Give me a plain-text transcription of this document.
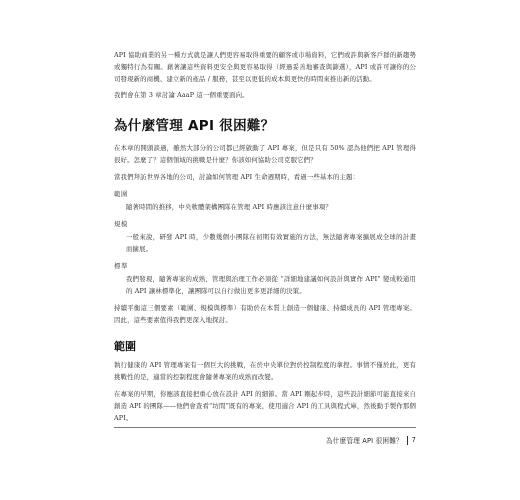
API 協助商業的另一種方式就是讓人們更容易取得重要的顧客或市場資料，它們或許與新客戶群的新趨勢或獨特行為有關。藉著讓這些資料更安全與更容易取得（經過妥善地審查與篩選），API 或許可讓你的公司發現新的商機、建立新的產品 / 服務，甚至以更低的成本與更快的時間來推出新的活動。

我們會在第 3 章討論 AaaP 這一個重要面向。

為什麼管理 API 很困難？

在本章的開頭談過，雖然大部分的公司都已經啟動了 API 專案，但是只有 50% 認為他們把 API 管理得很好。怎麼了？這個領域的挑戰是什麼？你該如何協助公司克服它們？

當我們拜訪世界各地的公司，討論如何管理 API 生命週期時，看過一些基本的主題：

範圍

隨著時間的推移，中央軟體架構團隊在管理 API 時應該注意什麼事項？

規模

一般來說，研發 API 時，少數幾個小團隊在初期有效實施的方法，無法隨著專案擴展成全球的計畫而擴展。

標準

我們發現，隨著專案的成熟，管理與治理工作必須從 “詳細地建議如何設計與實作 API” 變成較通用的 API 讓林標準化，讓團隊可以自行做出更多更詳細的決策。

持續平衡這三個要素（範圍、規模與標準）有助於在本質上創造一個健康、持續成長的 API 管理專案。因此，這些要素值得我們更深入地探討。

範圍

執行健康的 API 管理專案有一個巨大的挑戰，在於中央單位對於控制程度的拿捏。事情不僅於此，更有挑戰性的是，適當的控制程度會隨著專案的成熟而改變。

在專案的早期，你應該直接把重心放在設計 API 的細節。當 API 剛起步時，這些設計細節可能直接來自創造 API 的團隊——他們會查看“坊間”既有的專案，使用適合 API 的工具與程式庫，然後動手製作那個 API。

為什麼管理 API 很困難？ 7
